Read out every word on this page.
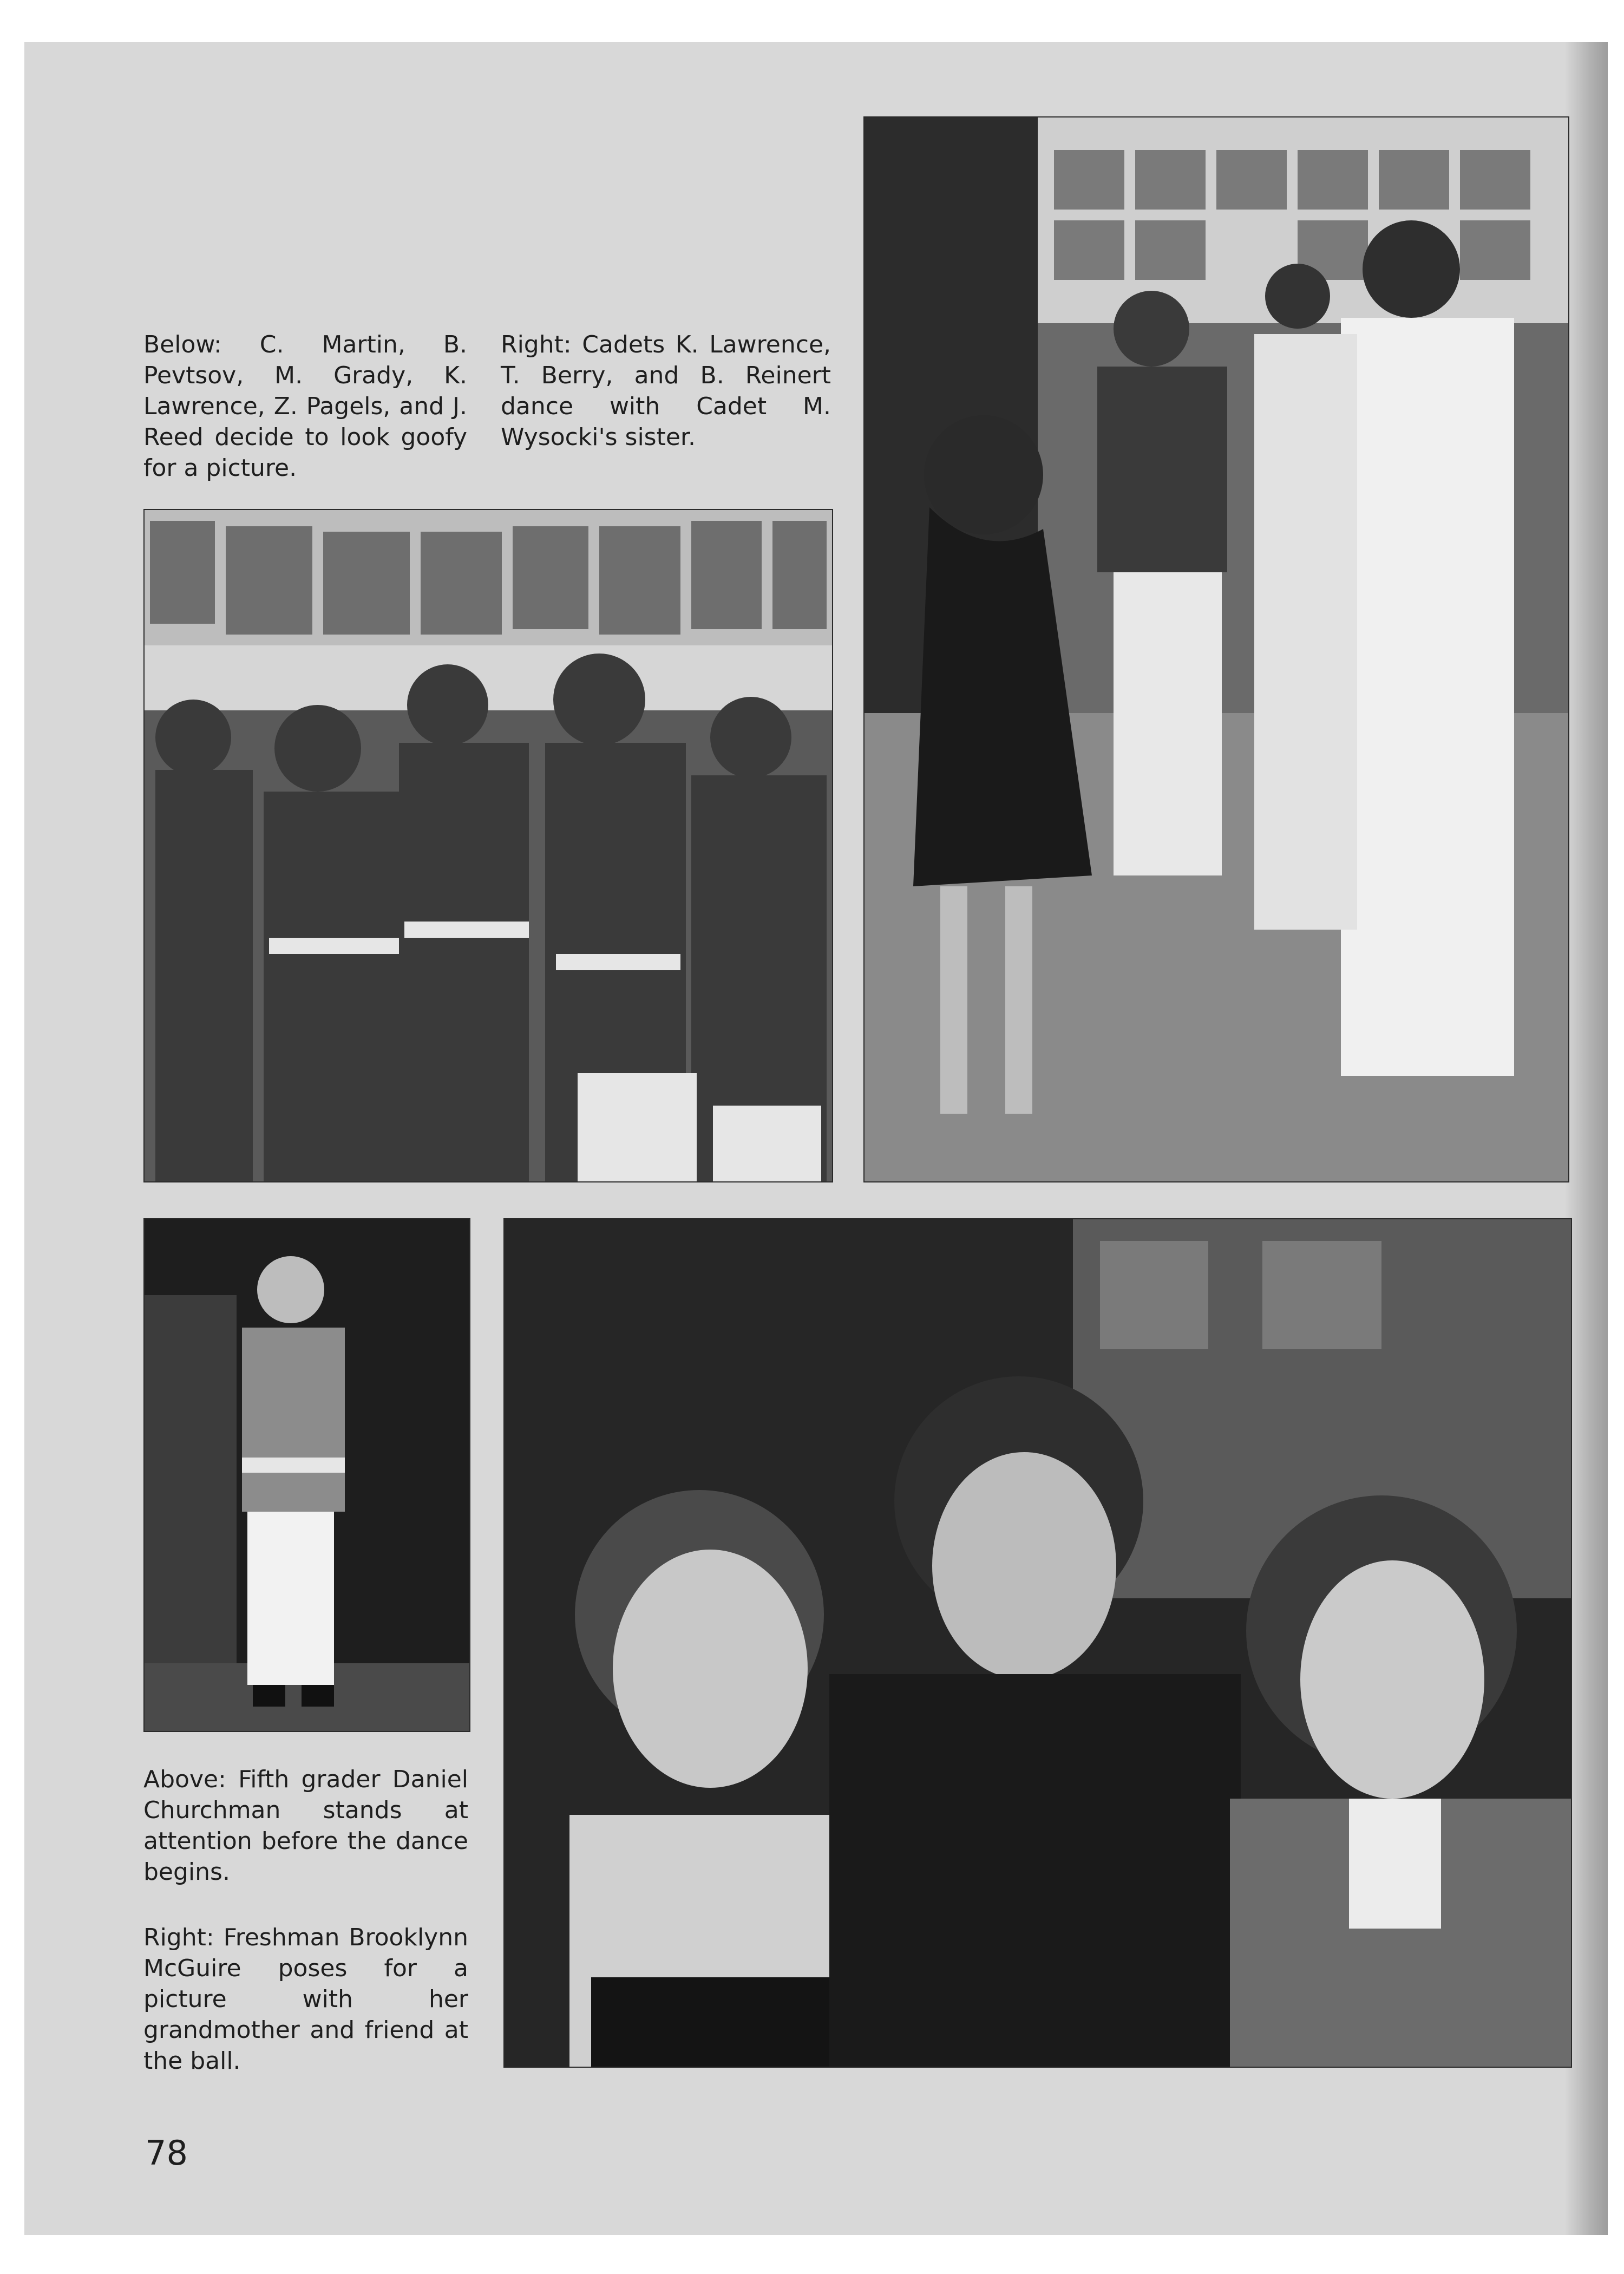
Below: C. Martin, B. Pevtsov, M. Grady, K. Lawrence, Z. Pagels, and J. Reed decide to look goofy for a picture.

Right: Cadets K. Lawrence, T. Berry, and B. Reinert dance with Cadet M. Wysocki's sister.

Above: Fifth grader Daniel Churchman stands at attention before the dance begins.

Right: Freshman Brooklynn McGuire poses for a picture with her grandmother and friend at the ball.

78
